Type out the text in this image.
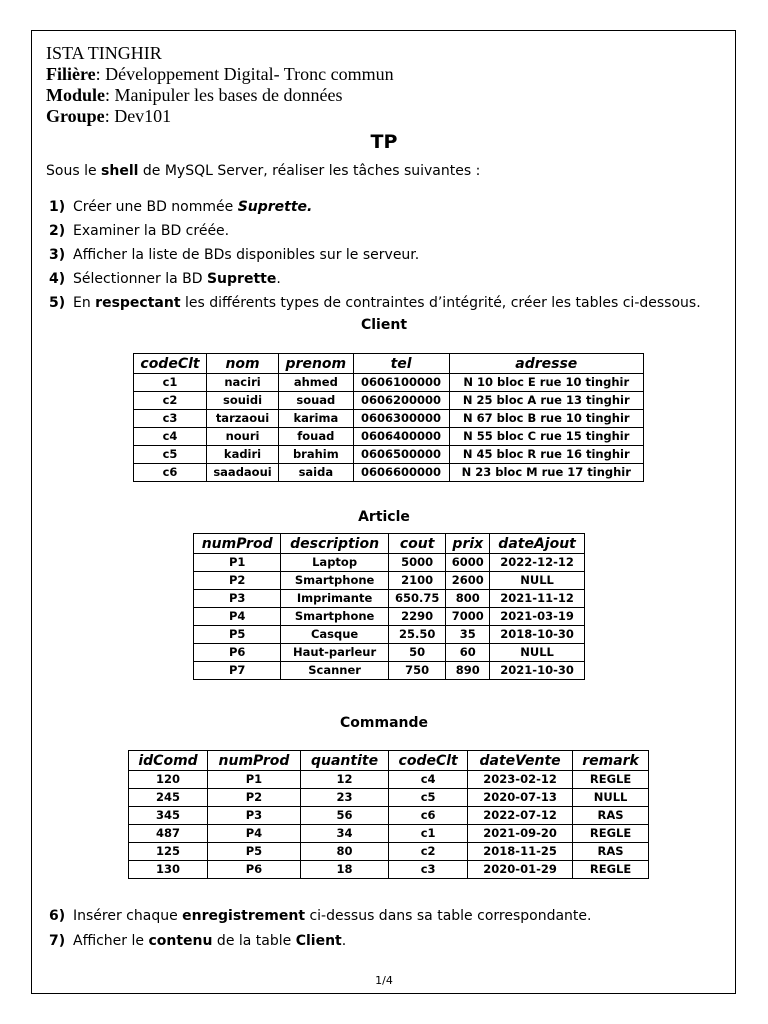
ISTA TINGHIR
Filière: Développement Digital- Tronc commun
Module: Manipuler les bases de données
Groupe: Dev101
TP
Sous le shell de MySQL Server, réaliser les tâches suivantes :
1) Créer une BD nommée Suprette.
2) Examiner la BD créée.
3) Afficher la liste de BDs disponibles sur le serveur.
4) Sélectionner la BD Suprette.
5) En respectant les différents types de contraintes d’intégrité, créer les tables ci-dessous.
Client
codeClt	nom	prenom	tel	adresse
c1	naciri	ahmed	0606100000	N 10 bloc E rue 10 tinghir
c2	souidi	souad	0606200000	N 25 bloc A rue 13 tinghir
c3	tarzaoui	karima	0606300000	N 67 bloc B rue 10 tinghir
c4	nouri	fouad	0606400000	N 55 bloc C rue 15 tinghir
c5	kadiri	brahim	0606500000	N 45 bloc R rue 16 tinghir
c6	saadaoui	saida	0606600000	N 23 bloc M rue 17 tinghir
Article
numProd	description	cout	prix	dateAjout
P1	Laptop	5000	6000	2022-12-12
P2	Smartphone	2100	2600	NULL
P3	Imprimante	650.75	800	2021-11-12
P4	Smartphone	2290	7000	2021-03-19
P5	Casque	25.50	35	2018-10-30
P6	Haut-parleur	50	60	NULL
P7	Scanner	750	890	2021-10-30
Commande
idComd	numProd	quantite	codeClt	dateVente	remark
120	P1	12	c4	2023-02-12	REGLE
245	P2	23	c5	2020-07-13	NULL
345	P3	56	c6	2022-07-12	RAS
487	P4	34	c1	2021-09-20	REGLE
125	P5	80	c2	2018-11-25	RAS
130	P6	18	c3	2020-01-29	REGLE
6) Insérer chaque enregistrement ci-dessus dans sa table correspondante.
7) Afficher le contenu de la table Client.
1/4
